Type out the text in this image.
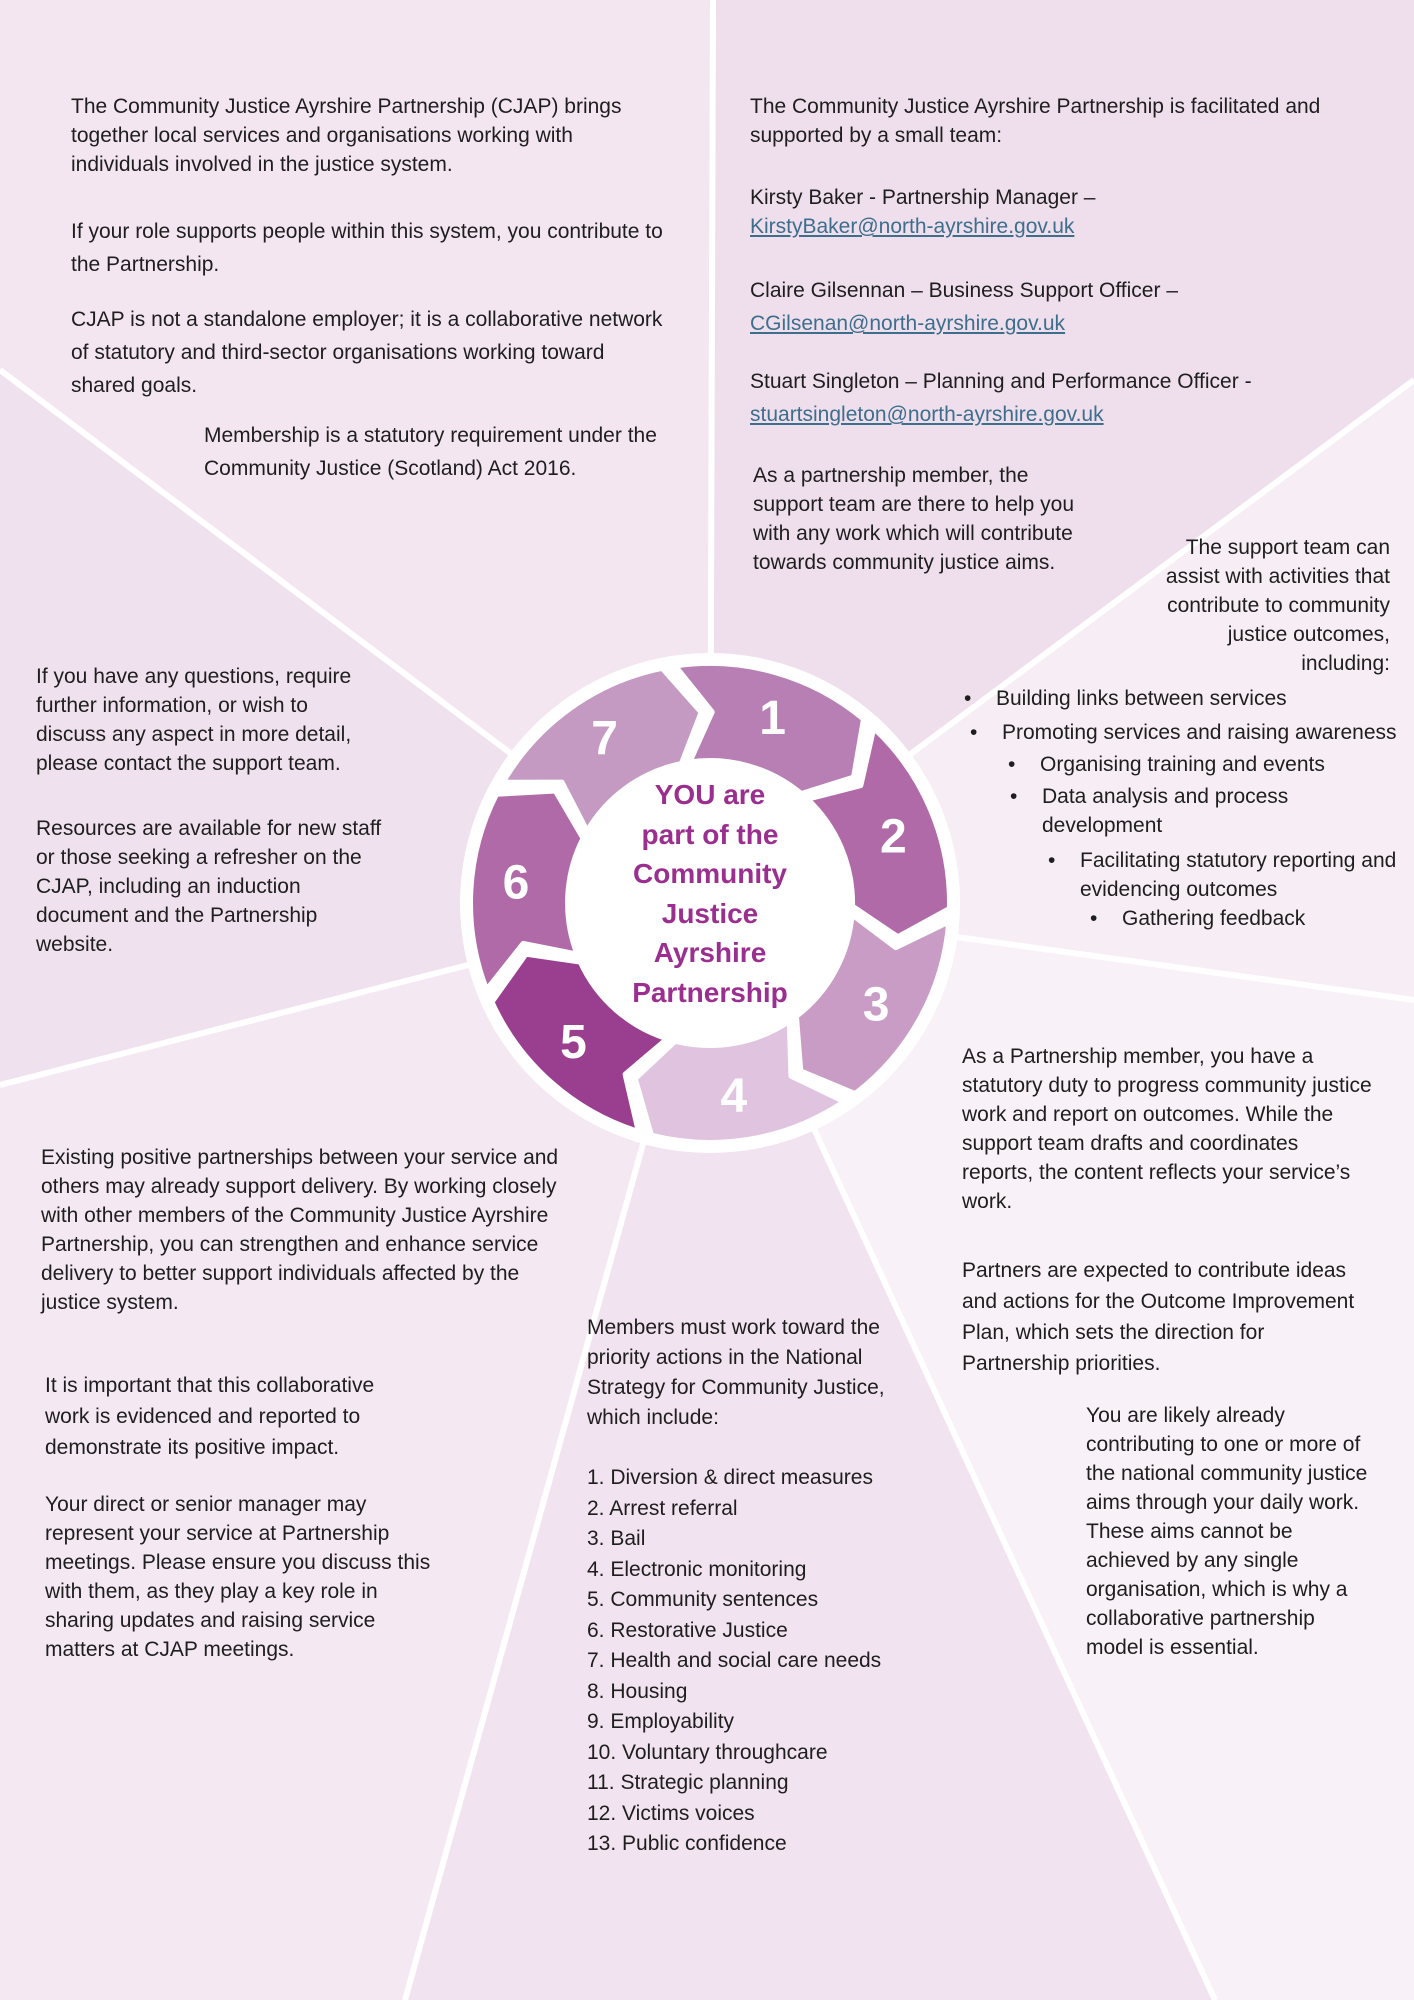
The Community Justice Ayrshire Partnership (CJAP) brings together local services and organisations working with individuals involved in the justice system.

If your role supports people within this system, you contribute to the Partnership.

CJAP is not a standalone employer; it is a collaborative network of statutory and third-sector organisations working toward shared goals.

Membership is a statutory requirement under the Community Justice (Scotland) Act 2016.

The Community Justice Ayrshire Partnership is facilitated and supported by a small team:

Kirsty Baker - Partnership Manager –
KirstyBaker@north-ayrshire.gov.uk

Claire Gilsennan – Business Support Officer –
CGilsenan@north-ayrshire.gov.uk

Stuart Singleton – Planning and Performance Officer -
stuartsingleton@north-ayrshire.gov.uk

As a partnership member, the support team are there to help you with any work which will contribute towards community justice aims.
The support team can assist with activities that contribute to community justice outcomes, including:
• Building links between services
• Promoting services and raising awareness
• Organising training and events
• Data analysis and process development
• Facilitating statutory reporting and evidencing outcomes
• Gathering feedback
If you have any questions, require further information, or wish to discuss any aspect in more detail, please contact the support team.
Resources are available for new staff or those seeking a refresher on the CJAP, including an induction document and the Partnership website.
1
2
3
4
5
6
7
YOU are
part of the
Community
Justice
Ayrshire
Partnership
As a Partnership member, you have a statutory duty to progress community justice work and report on outcomes. While the support team drafts and coordinates reports, the content reflects your service’s work.
Partners are expected to contribute ideas and actions for the Outcome Improvement Plan, which sets the direction for Partnership priorities.
You are likely already contributing to one or more of the national community justice aims through your daily work. These aims cannot be achieved by any single organisation, which is why a collaborative partnership model is essential.
Existing positive partnerships between your service and others may already support delivery. By working closely with other members of the Community Justice Ayrshire Partnership, you can strengthen and enhance service delivery to better support individuals affected by the justice system.
It is important that this collaborative work is evidenced and reported to demonstrate its positive impact.
Your direct or senior manager may represent your service at Partnership meetings. Please ensure you discuss this with them, as they play a key role in sharing updates and raising service matters at CJAP meetings.
Members must work toward the priority actions in the National Strategy for Community Justice, which include:
1. Diversion & direct measures
2. Arrest referral
3. Bail
4. Electronic monitoring
5. Community sentences
6. Restorative Justice
7. Health and social care needs
8. Housing
9. Employability
10. Voluntary throughcare
11. Strategic planning
12. Victims voices
13. Public confidence
